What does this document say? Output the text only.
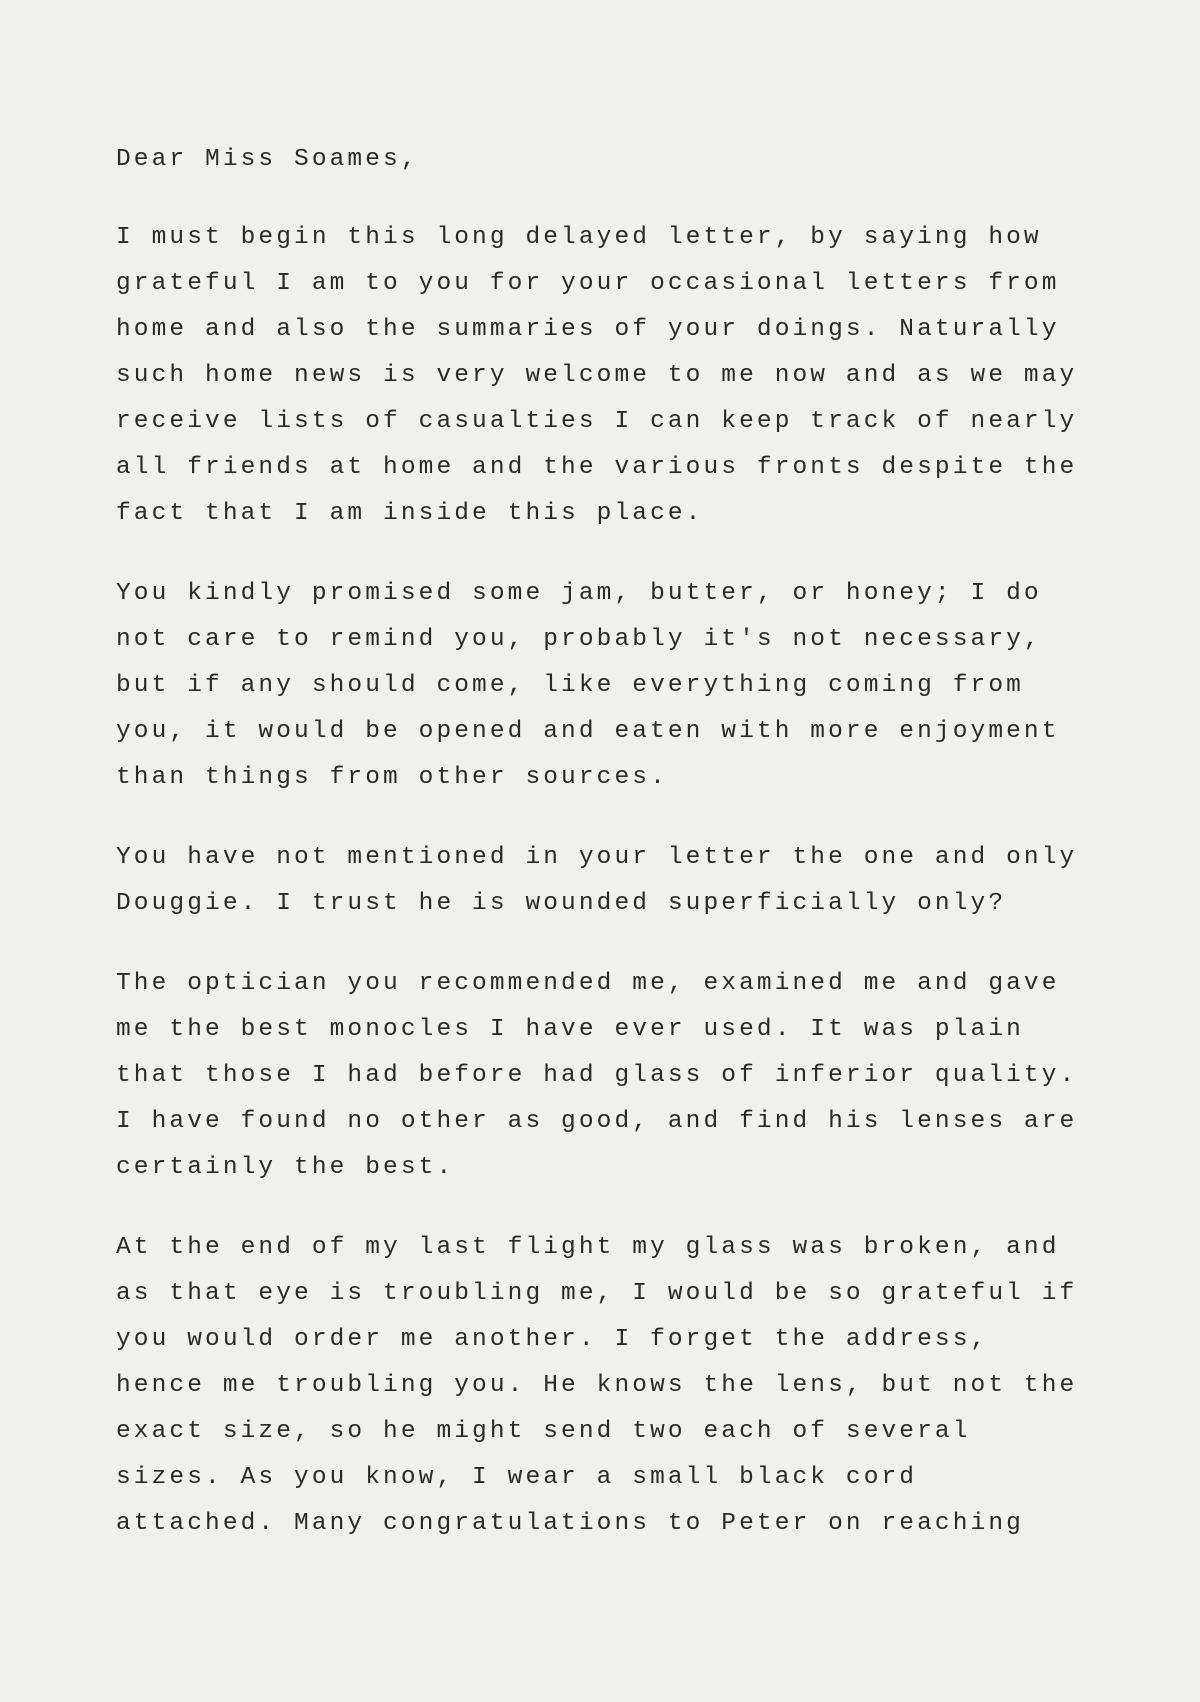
Dear Miss Soames,
I must begin this long delayed letter, by saying how
grateful I am to you for your occasional letters from
home and also the summaries of your doings. Naturally
such home news is very welcome to me now and as we may
receive lists of casualties I can keep track of nearly
all friends at home and the various fronts despite the
fact that I am inside this place.
You kindly promised some jam, butter, or honey; I do
not care to remind you, probably it's not necessary,
but if any should come, like everything coming from
you, it would be opened and eaten with more enjoyment
than things from other sources.
You have not mentioned in your letter the one and only
Douggie. I trust he is wounded superficially only?
The optician you recommended me, examined me and gave
me the best monocles I have ever used. It was plain
that those I had before had glass of inferior quality.
I have found no other as good, and find his lenses are
certainly the best.
At the end of my last flight my glass was broken, and
as that eye is troubling me, I would be so grateful if
you would order me another. I forget the address,
hence me troubling you. He knows the lens, but not the
exact size, so he might send two each of several
sizes. As you know, I wear a small black cord
attached. Many congratulations to Peter on reaching
